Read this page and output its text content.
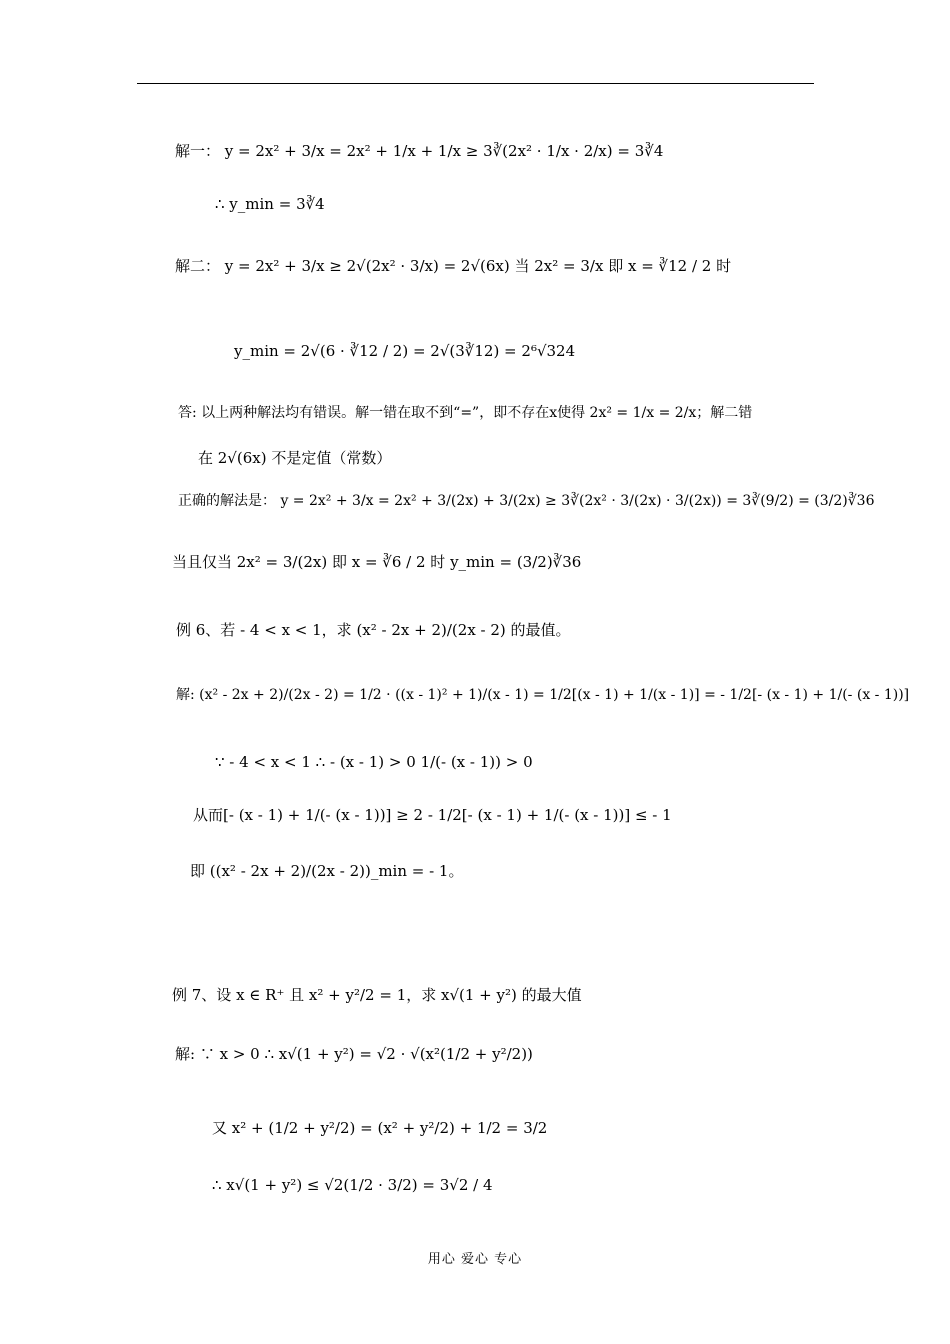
解一： y = 2x² + 3/x = 2x² + 1/x + 1/x ≥ 3∛(2x² · 1/x · 2/x) = 3∛4
∴ y_min = 3∛4
解二： y = 2x² + 3/x ≥ 2√(2x² · 3/x) = 2√(6x) 当 2x² = 3/x 即 x = ∛12 / 2 时
y_min = 2√(6 · ∛12 / 2) = 2√(3∛12) = 2⁶√324
答: 以上两种解法均有错误。解一错在取不到“=”，即不存在x使得 2x² = 1/x = 2/x；解二错
在 2√(6x) 不是定值（常数）
正确的解法是： y = 2x² + 3/x = 2x² + 3/(2x) + 3/(2x) ≥ 3∛(2x² · 3/(2x) · 3/(2x)) = 3∛(9/2) = (3/2)∛36
当且仅当 2x² = 3/(2x) 即 x = ∛6 / 2 时 y_min = (3/2)∛36
例 6、若 - 4 < x < 1，求 (x² - 2x + 2)/(2x - 2) 的最值。
解: (x² - 2x + 2)/(2x - 2) = 1/2 · ((x - 1)² + 1)/(x - 1) = 1/2[(x - 1) + 1/(x - 1)] = - 1/2[- (x - 1) + 1/(- (x - 1))]
∵ - 4 < x < 1 ∴ - (x - 1) > 0 1/(- (x - 1)) > 0
从而[- (x - 1) + 1/(- (x - 1))] ≥ 2 - 1/2[- (x - 1) + 1/(- (x - 1))] ≤ - 1
即 ((x² - 2x + 2)/(2x - 2))_min = - 1。
例 7、设 x ∈ R⁺ 且 x² + y²/2 = 1，求 x√(1 + y²) 的最大值
解: ∵ x > 0 ∴ x√(1 + y²) = √2 · √(x²(1/2 + y²/2))
又 x² + (1/2 + y²/2) = (x² + y²/2) + 1/2 = 3/2
∴ x√(1 + y²) ≤ √2(1/2 · 3/2) = 3√2 / 4
用心 爱心 专心
